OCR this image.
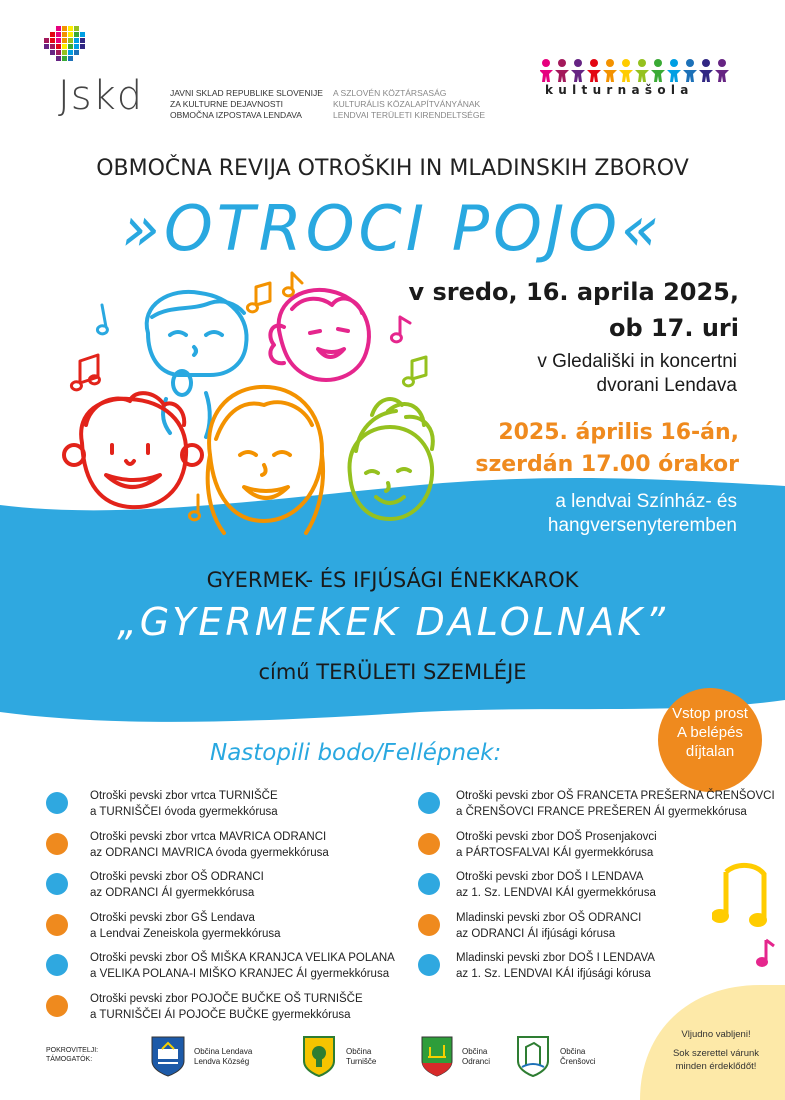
Jskd	JAVNI SKLAD REPUBLIKE SLOVENIJE
ZA KULTURNE DEJAVNOSTI
OBMOČNA IZPOSTAVA LENDAVA
A SZLOVÉN KÖZTÁRSASÁG
KULTURÁLIS KÖZALAPÍTVÁNYÁNAK
LENDVAI TERÜLETI KIRENDELTSÉGE
kulturnašola
OBMOČNA REVIJA OTROŠKIH IN MLADINSKIH ZBOROV
»OTROCI POJO«
v sredo, 16. aprila 2025,
ob 17. uri
v Gledališki in koncertni
dvorani Lendava
2025. április 16-án,
szerdán 17.00 órakor
a lendvai Színház- és
hangversenyteremben
GYERMEK- ÉS IFJÚSÁGI ÉNEKKAROK
„GYERMEKEK DALOLNAK”
című TERÜLETI SZEMLÉJE
Vstop prost
A belépés
díjtalan
Nastopili bodo/Fellépnek:
Otroški pevski zbor vrtca TURNIŠČE
a TURNIŠČEI óvoda gyermekkórusa
Otroški pevski zbor vrtca MAVRICA ODRANCI
az ODRANCI MAVRICA óvoda gyermekkórusa
Otroški pevski zbor OŠ ODRANCI
az ODRANCI ÁI gyermekkórusa
Otroški pevski zbor GŠ Lendava
a Lendvai Zeneiskola gyermekkórusa
Otroški pevski zbor OŠ MIŠKA KRANJCA VELIKA POLANA
a VELIKA POLANA-I MIŠKO KRANJEC ÁI gyermekkórusa
Otroški pevski zbor POJOČE BUČKE OŠ TURNIŠČE
a TURNIŠČEI ÁI POJOČE BUČKE gyermekkórusa
Otroški pevski zbor OŠ FRANCETA PREŠERNA ČRENŠOVCI
a ČRENŠOVCI FRANCE PREŠEREN ÁI gyermekkórusa
Otroški pevski zbor DOŠ Prosenjakovci
a PÁRTOSFALVAI KÁI gyermekkórusa
Otroški pevski zbor DOŠ I LENDAVA
az 1. Sz. LENDVAI KÁI gyermekkórusa
Mladinski pevski zbor OŠ ODRANCI
az ODRANCI ÁI ifjúsági kórusa
Mladinski pevski zbor DOŠ I LENDAVA
az 1. Sz. LENDVAI KÁI ifjúsági kórusa
POKROVITELJI:
TÁMOGATÓK:
Občina Lendava
Lendva Község
Občina
Turnišče
Občina
Odranci
Občina
Črenšovci
Vljudno vabljeni!
Sok szerettel várunk
minden érdeklődőt!
